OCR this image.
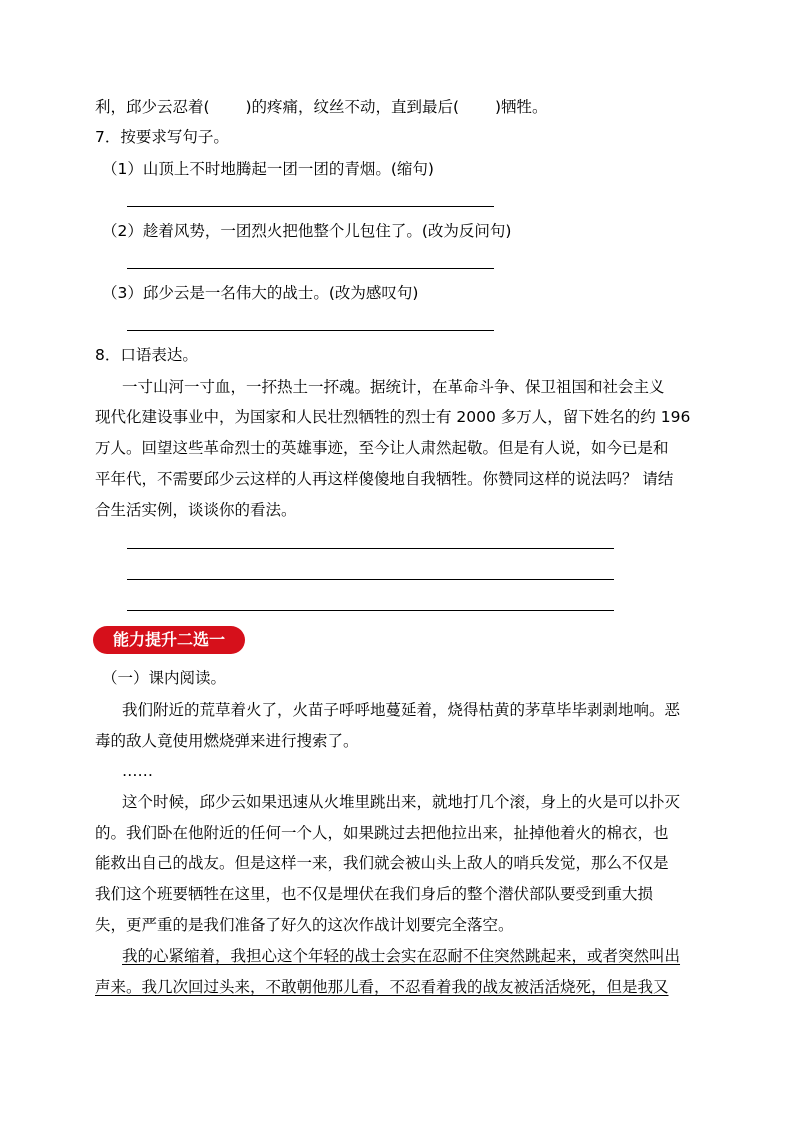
利，邱少云忍着(　　 )的疼痛，纹丝不动，直到最后(　　 )牺牲。
7．按要求写句子。
（1）山顶上不时地腾起一团一团的青烟。(缩句)
（2）趁着风势，一团烈火把他整个儿包住了。(改为反问句)
（3）邱少云是一名伟大的战士。(改为感叹句)
8．口语表达。
一寸山河一寸血，一抔热土一抔魂。据统计，在革命斗争、保卫祖国和社会主义
现代化建设事业中，为国家和人民壮烈牺牲的烈士有 2000 多万人，留下姓名的约 196
万人。回望这些革命烈士的英雄事迹，至今让人肃然起敬。但是有人说，如今已是和
平年代，不需要邱少云这样的人再这样傻傻地自我牺牲。你赞同这样的说法吗？ 请结
合生活实例，谈谈你的看法。
能力提升二选一
（一）课内阅读。
我们附近的荒草着火了，火苗子呼呼地蔓延着，烧得枯黄的茅草毕毕剥剥地响。恶
毒的敌人竟使用燃烧弹来进行搜索了。
……
这个时候，邱少云如果迅速从火堆里跳出来，就地打几个滚，身上的火是可以扑灭
的。我们卧在他附近的任何一个人，如果跳过去把他拉出来，扯掉他着火的棉衣，也
能救出自己的战友。但是这样一来，我们就会被山头上敌人的哨兵发觉，那么不仅是
我们这个班要牺牲在这里，也不仅是埋伏在我们身后的整个潜伏部队要受到重大损
失，更严重的是我们准备了好久的这次作战计划要完全落空。
我的心紧缩着，我担心这个年轻的战士会实在忍耐不住突然跳起来，或者突然叫出
声来。我几次回过头来，不敢朝他那儿看，不忍看着我的战友被活活烧死，但是我又
